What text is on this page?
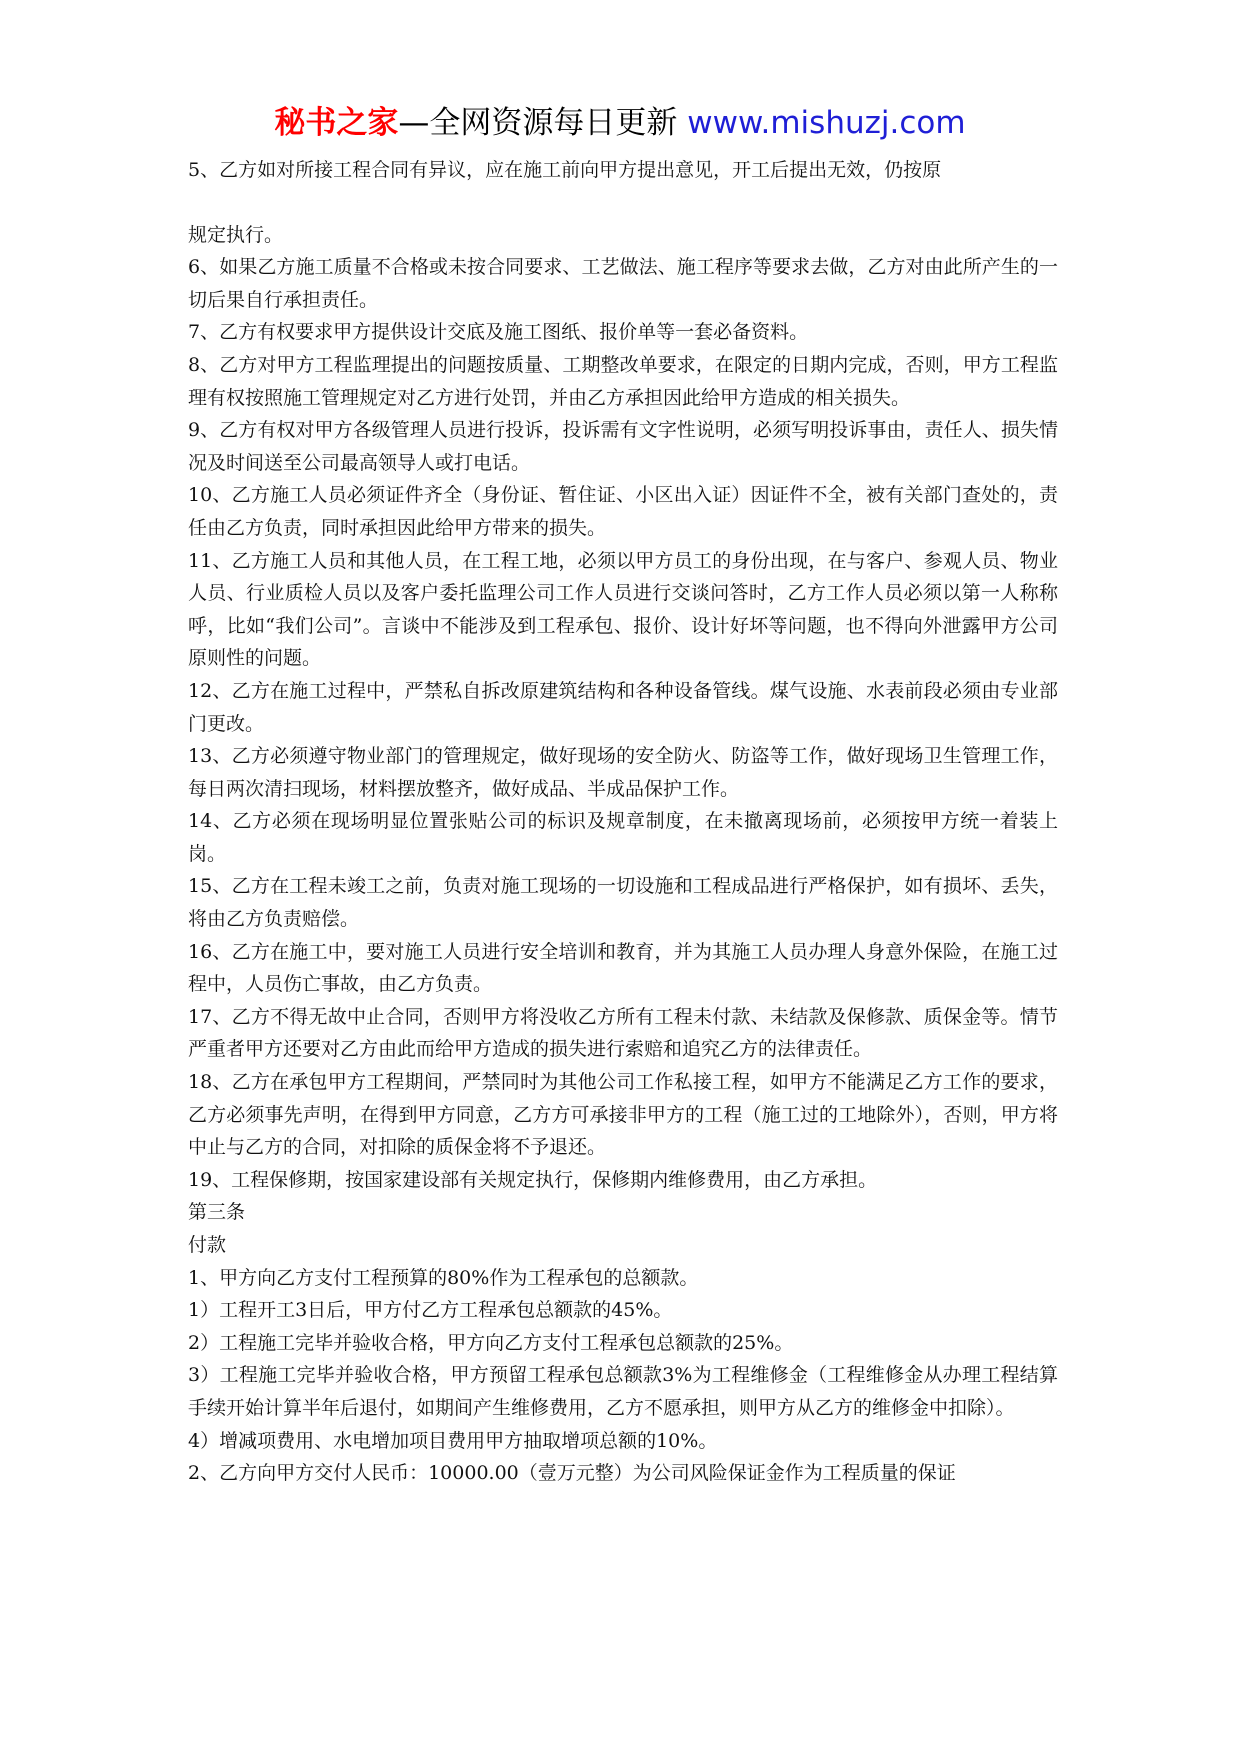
秘书之家—全网资源每日更新 www.mishuzj.com

5、乙方如对所接工程合同有异议，应在施工前向甲方提出意见，开工后提出无效，仍按原

规定执行。

6、如果乙方施工质量不合格或未按合同要求、工艺做法、施工程序等要求去做，乙方对由此所产生的一切后果自行承担责任。

7、乙方有权要求甲方提供设计交底及施工图纸、报价单等一套必备资料。

8、乙方对甲方工程监理提出的问题按质量、工期整改单要求，在限定的日期内完成，否则，甲方工程监理有权按照施工管理规定对乙方进行处罚，并由乙方承担因此给甲方造成的相关损失。

9、乙方有权对甲方各级管理人员进行投诉，投诉需有文字性说明，必须写明投诉事由，责任人、损失情况及时间送至公司最高领导人或打电话。

10、乙方施工人员必须证件齐全（身份证、暂住证、小区出入证）因证件不全，被有关部门查处的，责任由乙方负责，同时承担因此给甲方带来的损失。

11、乙方施工人员和其他人员，在工程工地，必须以甲方员工的身份出现，在与客户、参观人员、物业人员、行业质检人员以及客户委托监理公司工作人员进行交谈问答时，乙方工作人员必须以第一人称称呼，比如“我们公司”。言谈中不能涉及到工程承包、报价、设计好坏等问题，也不得向外泄露甲方公司原则性的问题。

12、乙方在施工过程中，严禁私自拆改原建筑结构和各种设备管线。煤气设施、水表前段必须由专业部门更改。

13、乙方必须遵守物业部门的管理规定，做好现场的安全防火、防盗等工作，做好现场卫生管理工作，每日两次清扫现场，材料摆放整齐，做好成品、半成品保护工作。

14、乙方必须在现场明显位置张贴公司的标识及规章制度，在未撤离现场前，必须按甲方统一着装上岗。

15、乙方在工程未竣工之前，负责对施工现场的一切设施和工程成品进行严格保护，如有损坏、丢失，将由乙方负责赔偿。

16、乙方在施工中，要对施工人员进行安全培训和教育，并为其施工人员办理人身意外保险，在施工过程中，人员伤亡事故，由乙方负责。

17、乙方不得无故中止合同，否则甲方将没收乙方所有工程未付款、未结款及保修款、质保金等。情节严重者甲方还要对乙方由此而给甲方造成的损失进行索赔和追究乙方的法律责任。

18、乙方在承包甲方工程期间，严禁同时为其他公司工作私接工程，如甲方不能满足乙方工作的要求，乙方必须事先声明，在得到甲方同意，乙方方可承接非甲方的工程（施工过的工地除外），否则，甲方将中止与乙方的合同，对扣除的质保金将不予退还。

19、工程保修期，按国家建设部有关规定执行，保修期内维修费用，由乙方承担。

第三条

付款

1、甲方向乙方支付工程预算的80%作为工程承包的总额款。

1）工程开工3日后，甲方付乙方工程承包总额款的45%。

2）工程施工完毕并验收合格，甲方向乙方支付工程承包总额款的25%。

3）工程施工完毕并验收合格，甲方预留工程承包总额款3%为工程维修金（工程维修金从办理工程结算手续开始计算半年后退付，如期间产生维修费用，乙方不愿承担，则甲方从乙方的维修金中扣除）。

4）增减项费用、水电增加项目费用甲方抽取增项总额的10%。

2、乙方向甲方交付人民币：10000.00（壹万元整）为公司风险保证金作为工程质量的保证
